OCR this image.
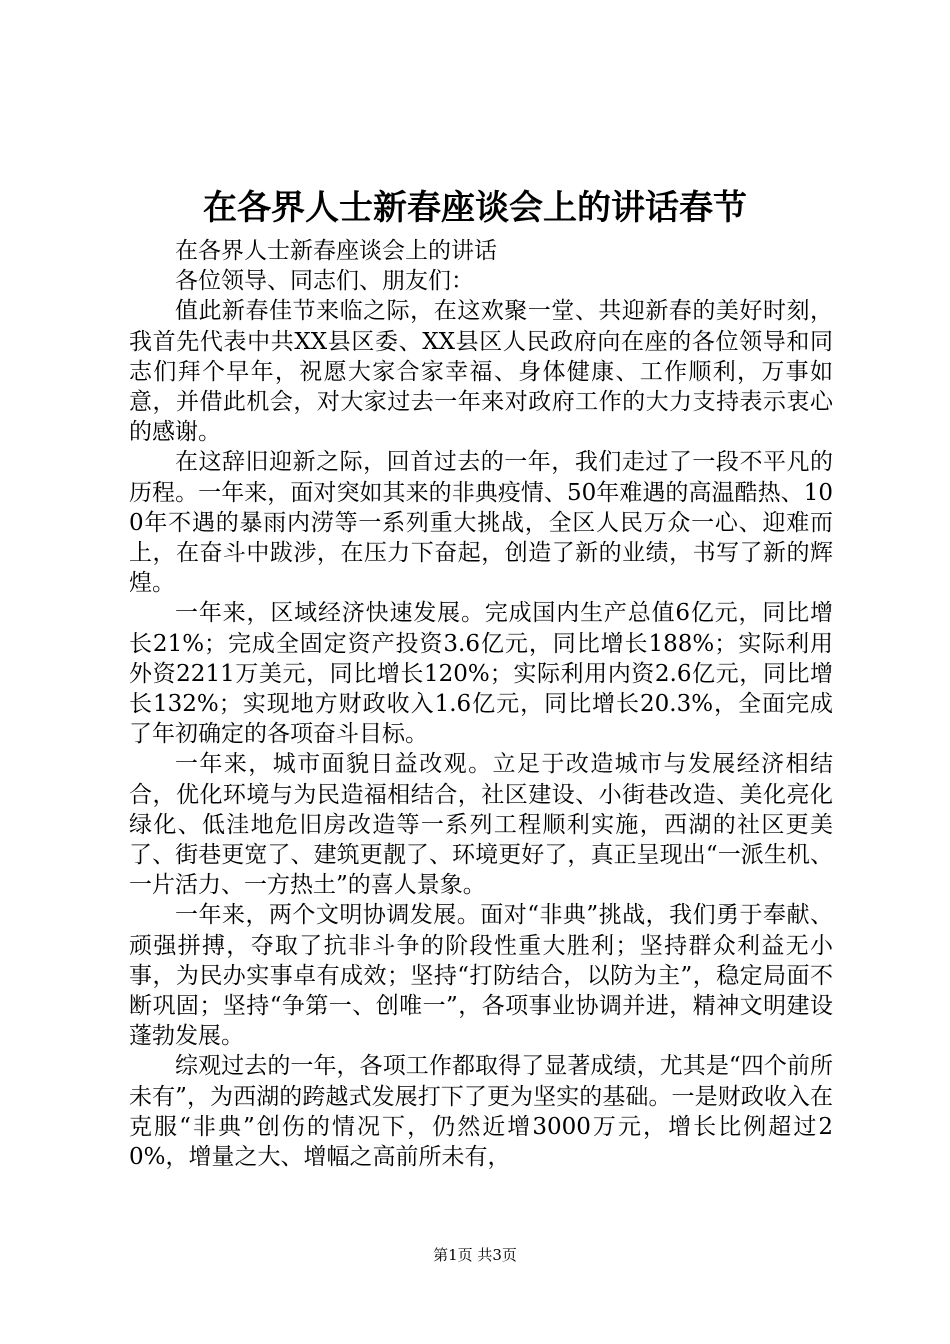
在各界人士新春座谈会上的讲话春节

在各界人士新春座谈会上的讲话

各位领导、同志们、朋友们：

值此新春佳节来临之际，在这欢聚一堂、共迎新春的美好时刻，我首先代表中共XX县区委、XX县区人民政府向在座的各位领导和同志们拜个早年，祝愿大家合家幸福、身体健康、工作顺利，万事如意，并借此机会，对大家过去一年来对政府工作的大力支持表示衷心的感谢。

在这辞旧迎新之际，回首过去的一年，我们走过了一段不平凡的历程。一年来，面对突如其来的非典疫情、50年难遇的高温酷热、100年不遇的暴雨内涝等一系列重大挑战，全区人民万众一心、迎难而上，在奋斗中跋涉，在压力下奋起，创造了新的业绩，书写了新的辉煌。

一年来，区域经济快速发展。完成国内生产总值6亿元，同比增长21%；完成全固定资产投资3.6亿元，同比增长188%；实际利用外资2211万美元，同比增长120%；实际利用内资2.6亿元，同比增长132%；实现地方财政收入1.6亿元，同比增长20.3%，全面完成了年初确定的各项奋斗目标。

一年来，城市面貌日益改观。立足于改造城市与发展经济相结合，优化环境与为民造福相结合，社区建设、小街巷改造、美化亮化绿化、低洼地危旧房改造等一系列工程顺利实施，西湖的社区更美了、街巷更宽了、建筑更靓了、环境更好了，真正呈现出“一派生机、一片活力、一方热土”的喜人景象。

一年来，两个文明协调发展。面对“非典”挑战，我们勇于奉献、顽强拼搏，夺取了抗非斗争的阶段性重大胜利；坚持群众利益无小事，为民办实事卓有成效；坚持“打防结合，以防为主”，稳定局面不断巩固；坚持“争第一、创唯一”，各项事业协调并进，精神文明建设蓬勃发展。

综观过去的一年，各项工作都取得了显著成绩，尤其是“四个前所未有”，为西湖的跨越式发展打下了更为坚实的基础。一是财政收入在克服“非典”创伤的情况下，仍然近增3000万元，增长比例超过20%，增量之大、增幅之高前所未有，

第1页 共3页
